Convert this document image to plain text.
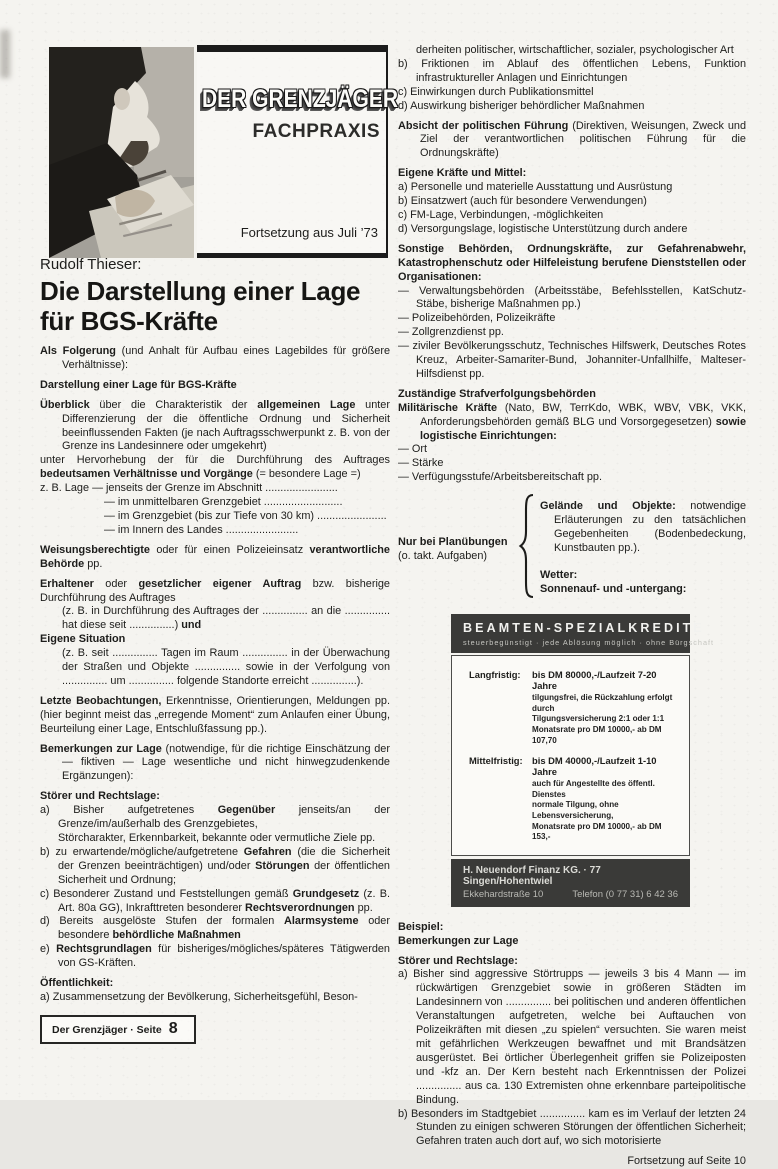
DER GRENZJÄGER
FACHPRAXIS
Fortsetzung aus Juli ’73
Rudolf Thieser:
Die Darstellung einer Lage für BGS-Kräfte

Als Folgerung (und Anhalt für Aufbau eines Lagebildes für größere Verhältnisse):

Darstellung einer Lage für BGS-Kräfte

Überblick über die Charakteristik der allgemeinen Lage unter Differenzierung der die öffentliche Ordnung und Sicherheit beeinflussenden Fakten (je nach Auftragsschwerpunkt z. B. von der Grenze ins Landesinnere oder umgekehrt)

unter Hervorhebung der für die Durchführung des Auftrages bedeutsamen Verhältnisse und Vorgänge (= besondere Lage =)

z. B. Lage — jenseits der Grenze im Abschnitt ........................
— im unmittelbaren Grenzgebiet ..........................
— im Grenzgebiet (bis zur Tiefe von 30 km) .......................
— im Innern des Landes ........................

Weisungsberechtigte oder für einen Polizeieinsatz verantwortliche Behörde pp.

Erhaltener oder gesetzlicher eigener Auftrag bzw. bisherige Durchführung des Auftrages

(z. B. in Durchführung des Auftrages der ............... an die ............... hat diese seit ...............) und

Eigene Situation

(z. B. seit ............... Tagen im Raum ............... in der Überwachung der Straßen und Objekte ............... sowie in der Verfolgung von ............... um ............... folgende Standorte erreicht ...............).

Letzte Beobachtungen, Erkenntnisse, Orientierungen, Meldungen pp. (hier beginnt meist das „erregende Moment“ zum Anlaufen einer Übung, Beurteilung einer Lage, Entschlußfassung pp.).

Bemerkungen zur Lage (notwendige, für die richtige Einschätzung der — fiktiven — Lage wesentliche und nicht hinwegzudenkende Ergänzungen):

Störer und Rechtslage:

a) Bisher aufgetretenes Gegenüber jenseits/an der Grenze/im/außerhalb des Grenzgebietes,
Störcharakter, Erkennbarkeit, bekannte oder vermutliche Ziele pp.

b) zu erwartende/mögliche/aufgetretene Gefahren (die die Sicherheit der Grenzen beeinträchtigen) und/oder Störungen der öffentlichen Sicherheit und Ordnung;

c) Besonderer Zustand und Feststellungen gemäß Grundgesetz (z. B. Art. 80a GG), Inkrafttreten besonderer Rechtsverordnungen pp.

d) Bereits ausgelöste Stufen der formalen Alarmsysteme oder besondere behördliche Maßnahmen

e) Rechtsgrundlagen für bisheriges/mögliches/späteres Tätigwerden von GS-Kräften.

Öffentlichkeit:

a) Zusammensetzung der Bevölkerung, Sicherheitsgefühl, Beson-

Der Grenzjäger · Seite 8

derheiten politischer, wirtschaftlicher, sozialer, psychologischer Art

b) Friktionen im Ablauf des öffentlichen Lebens, Funktion infrastruktureller Anlagen und Einrichtungen

c) Einwirkungen durch Publikationsmittel

d) Auswirkung bisheriger behördlicher Maßnahmen

Absicht der politischen Führung (Direktiven, Weisungen, Zweck und Ziel der verantwortlichen politischen Führung für die Ordnungskräfte)

Eigene Kräfte und Mittel:

a) Personelle und materielle Ausstattung und Ausrüstung

b) Einsatzwert (auch für besondere Verwendungen)

c) FM-Lage, Verbindungen, -möglichkeiten

d) Versorgungslage, logistische Unterstützung durch andere

Sonstige Behörden, Ordnungskräfte, zur Gefahrenabwehr, Katastrophenschutz oder Hilfeleistung berufene Dienststellen oder Organisationen:

— Verwaltungsbehörden (Arbeitsstäbe, Befehlsstellen, KatSchutz-Stäbe, bisherige Maßnahmen pp.)

— Polizeibehörden, Polizeikräfte

— Zollgrenzdienst pp.

— ziviler Bevölkerungsschutz, Technisches Hilfswerk, Deutsches Rotes Kreuz, Arbeiter-Samariter-Bund, Johanniter-Unfallhilfe, Malteser-Hilfsdienst pp.

Zuständige Strafverfolgungsbehörden

Militärische Kräfte (Nato, BW, TerrKdo, WBK, WBV, VBK, VKK, Anforderungsbehörden gemäß BLG und Vorsorgegesetzen) sowie logistische Einrichtungen:

— Ort

— Stärke

— Verfügungsstufe/Arbeitsbereitschaft pp.

Nur bei Planübungen
(o. takt. Aufgaben)

Gelände und Objekte: notwendige Erläuterungen zu den tatsächlichen Gegebenheiten (Bodenbedeckung, Kunstbauten pp.).

Wetter:

Sonnenauf- und -untergang:

BEAMTEN-SPEZIALKREDITE
steuerbegünstigt · jede Ablösung möglich · ohne Bürgschaft
Langfristig:	bis DM 80000,-/Laufzeit 7-20 Jahre
tilgungsfrei, die Rückzahlung erfolgt durch
Tilgungsversicherung 2:1 oder 1:1
Monatsrate pro DM 10000,- ab DM 107,70
Mittelfristig: bis DM 40000,-/Laufzeit 1-10 Jahre
auch für Angestellte des öffentl. Dienstes
normale Tilgung, ohne Lebensversicherung,
Monatsrate pro DM 10000,- ab DM 153,-
H. Neuendorf Finanz KG. · 77 Singen/Hohentwiel
Ekkehardstraße 10	Telefon (0 77 31) 6 42 36

Beispiel:

Bemerkungen zur Lage

Störer und Rechtslage:

a) Bisher sind aggressive Störtrupps — jeweils 3 bis 4 Mann — im rückwärtigen Grenzgebiet sowie in größeren Städten im Landesinnern von ............... bei politischen und anderen öffentlichen Veranstaltungen aufgetreten, welche bei Auftauchen von Polizeikräften mit diesen „zu spielen“ versuchten. Sie waren meist mit gefährlichen Werkzeugen bewaffnet und mit Brandsätzen ausgerüstet. Bei örtlicher Überlegenheit griffen sie Polizeiposten und -kfz an. Der Kern besteht nach Erkenntnissen der Polizei ............... aus ca. 130 Extremisten ohne erkennbare parteipolitische Bindung.

b) Besonders im Stadtgebiet ............... kam es im Verlauf der letzten 24 Stunden zu einigen schweren Störungen der öffentlichen Sicherheit; Gefahren traten auch dort auf, wo sich motorisierte

Fortsetzung auf Seite 10
